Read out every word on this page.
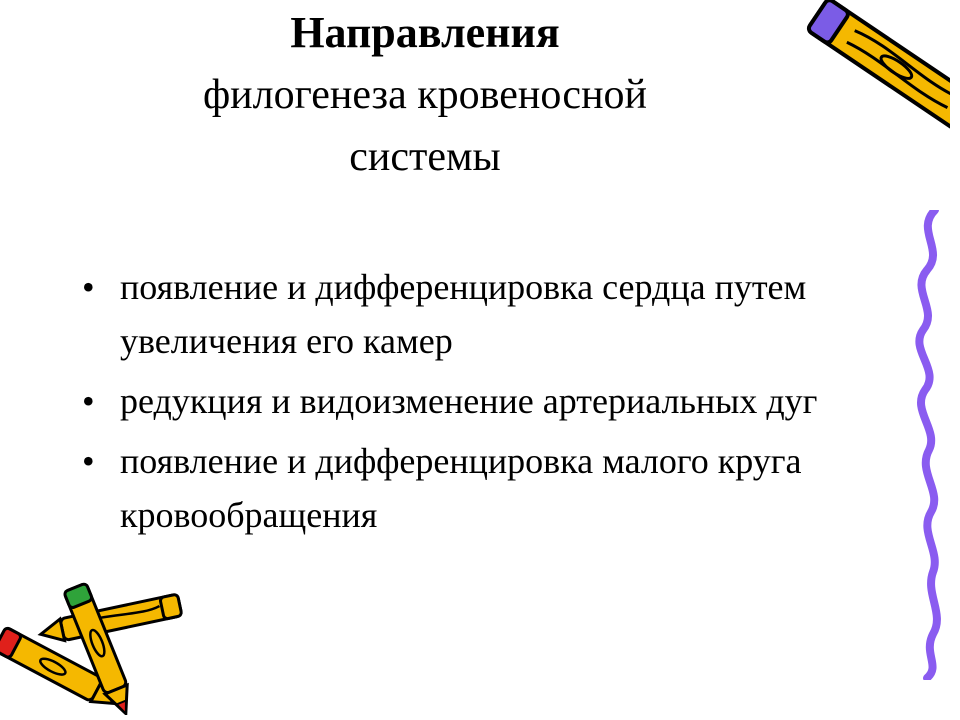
Направления
филогенеза кровеносной
системы
• появление и дифференцировка сердца путем увеличения его камер
• редукция и видоизменение артериальных дуг
• появление и дифференцировка малого круга кровообращения
